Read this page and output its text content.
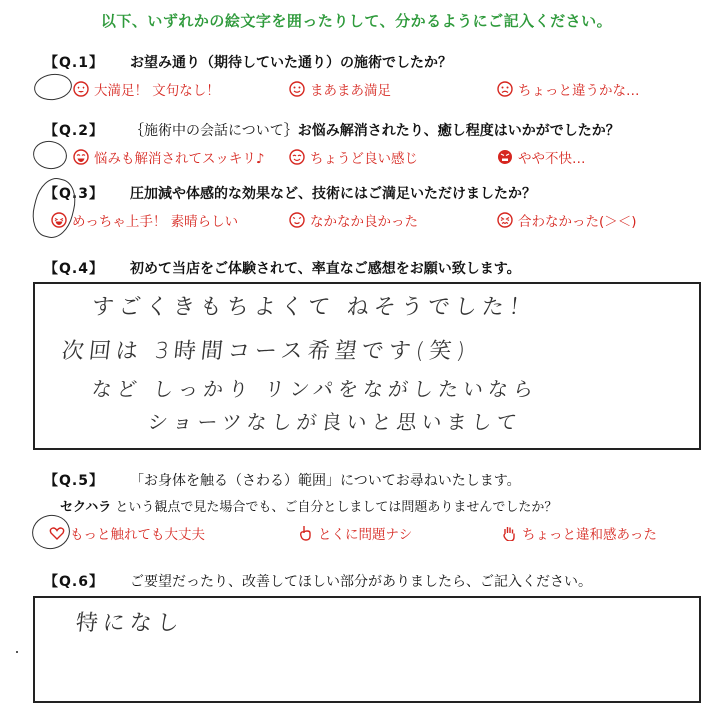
以下、いずれかの絵文字を囲ったりして、分かるようにご記入ください。
【Q.1】 お望み通り（期待していた通り）の施術でしたか？
大満足！ 文句なし！	まあまあ満足	ちょっと違うかな…
【Q.2】 ｛施術中の会話について｝お悩み解消されたり、癒し程度はいかがでしたか？
悩みも解消されてスッキリ♪	ちょうど良い感じ	やや不快…
【Q.3】 圧加減や体感的な効果など、技術にはご満足いただけましたか？
めっちゃ上手！ 素晴らしい	なかなか良かった	合わなかった(＞＜)
【Q.4】 初めて当店をご体験されて、率直なご感想をお願い致します。
すごくきもちよくて ねそうでした！
次回は 3時間コース希望です(笑)
など しっかり リンパをながしたいなら
ショーツなしが良いと思いまして
【Q.5】 「お身体を触る（さわる）範囲」についてお尋ねいたします。
セクハラ という観点で見た場合でも、ご自分としましては問題ありませんでしたか？
もっと触れても大丈夫	とくに問題ナシ	ちょっと違和感あった
【Q.6】 ご要望だったり、改善してほしい部分がありましたら、ご記入ください。
特になし
